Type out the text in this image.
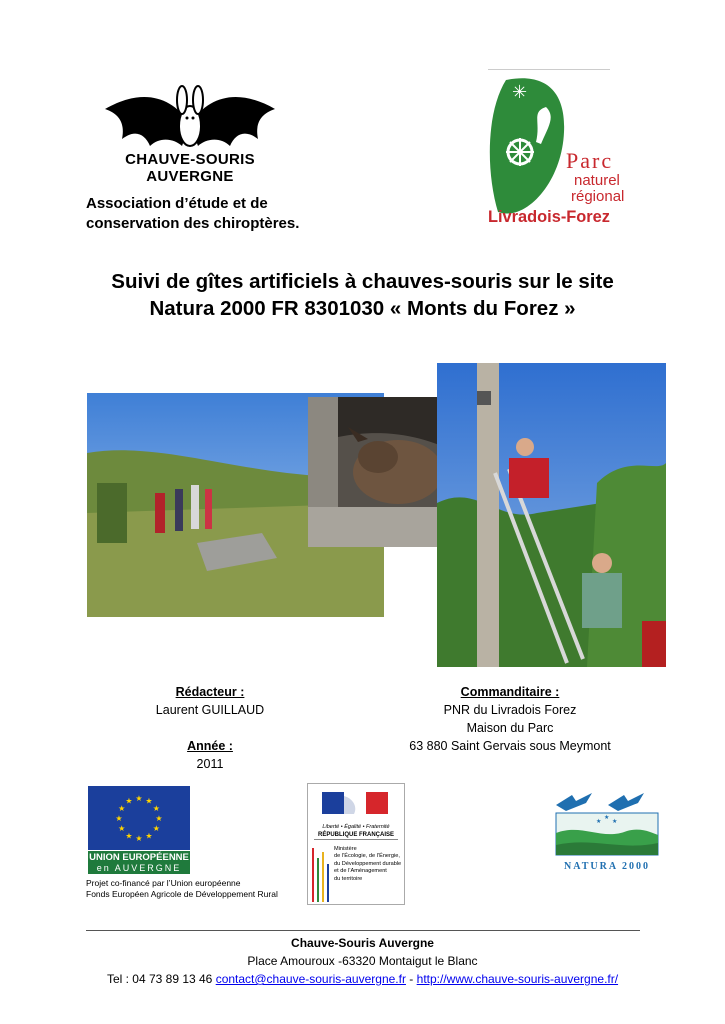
CHAUVE-SOURIS
AUVERGNE
Association d’étude et de
conservation des chiroptères.
✳
Parc
naturel
régional
Livradois-Forez
Suivi de gîtes artificiels à chauves-souris sur le site
Natura 2000 FR 8301030 « Monts du Forez »
Rédacteur :
Laurent GUILLAUD
Année :
2011
Commanditaire :
PNR du Livradois Forez
Maison du Parc
63 880 Saint Gervais sous Meymont
★
★
★
★
★
★
★
★
★ ★ ★
★
UNION EUROPÉENNE
en AUVERGNE
Projet co-financé par l’Union européenne
Fonds Européen Agricole de Développement Rural
Liberté • Égalité • Fraternité
RÉPUBLIQUE FRANÇAISE
Ministère
de l’Écologie, de l’Énergie,
du Développement durable
et de l’Aménagement
du territoire
★
★
★
NATURA 2000
Chauve-Souris Auvergne
Place Amouroux -63320 Montaigut le Blanc
Tel : 04 73 89 13 46 contact@chauve-souris-auvergne.fr - http://www.chauve-souris-auvergne.fr/
